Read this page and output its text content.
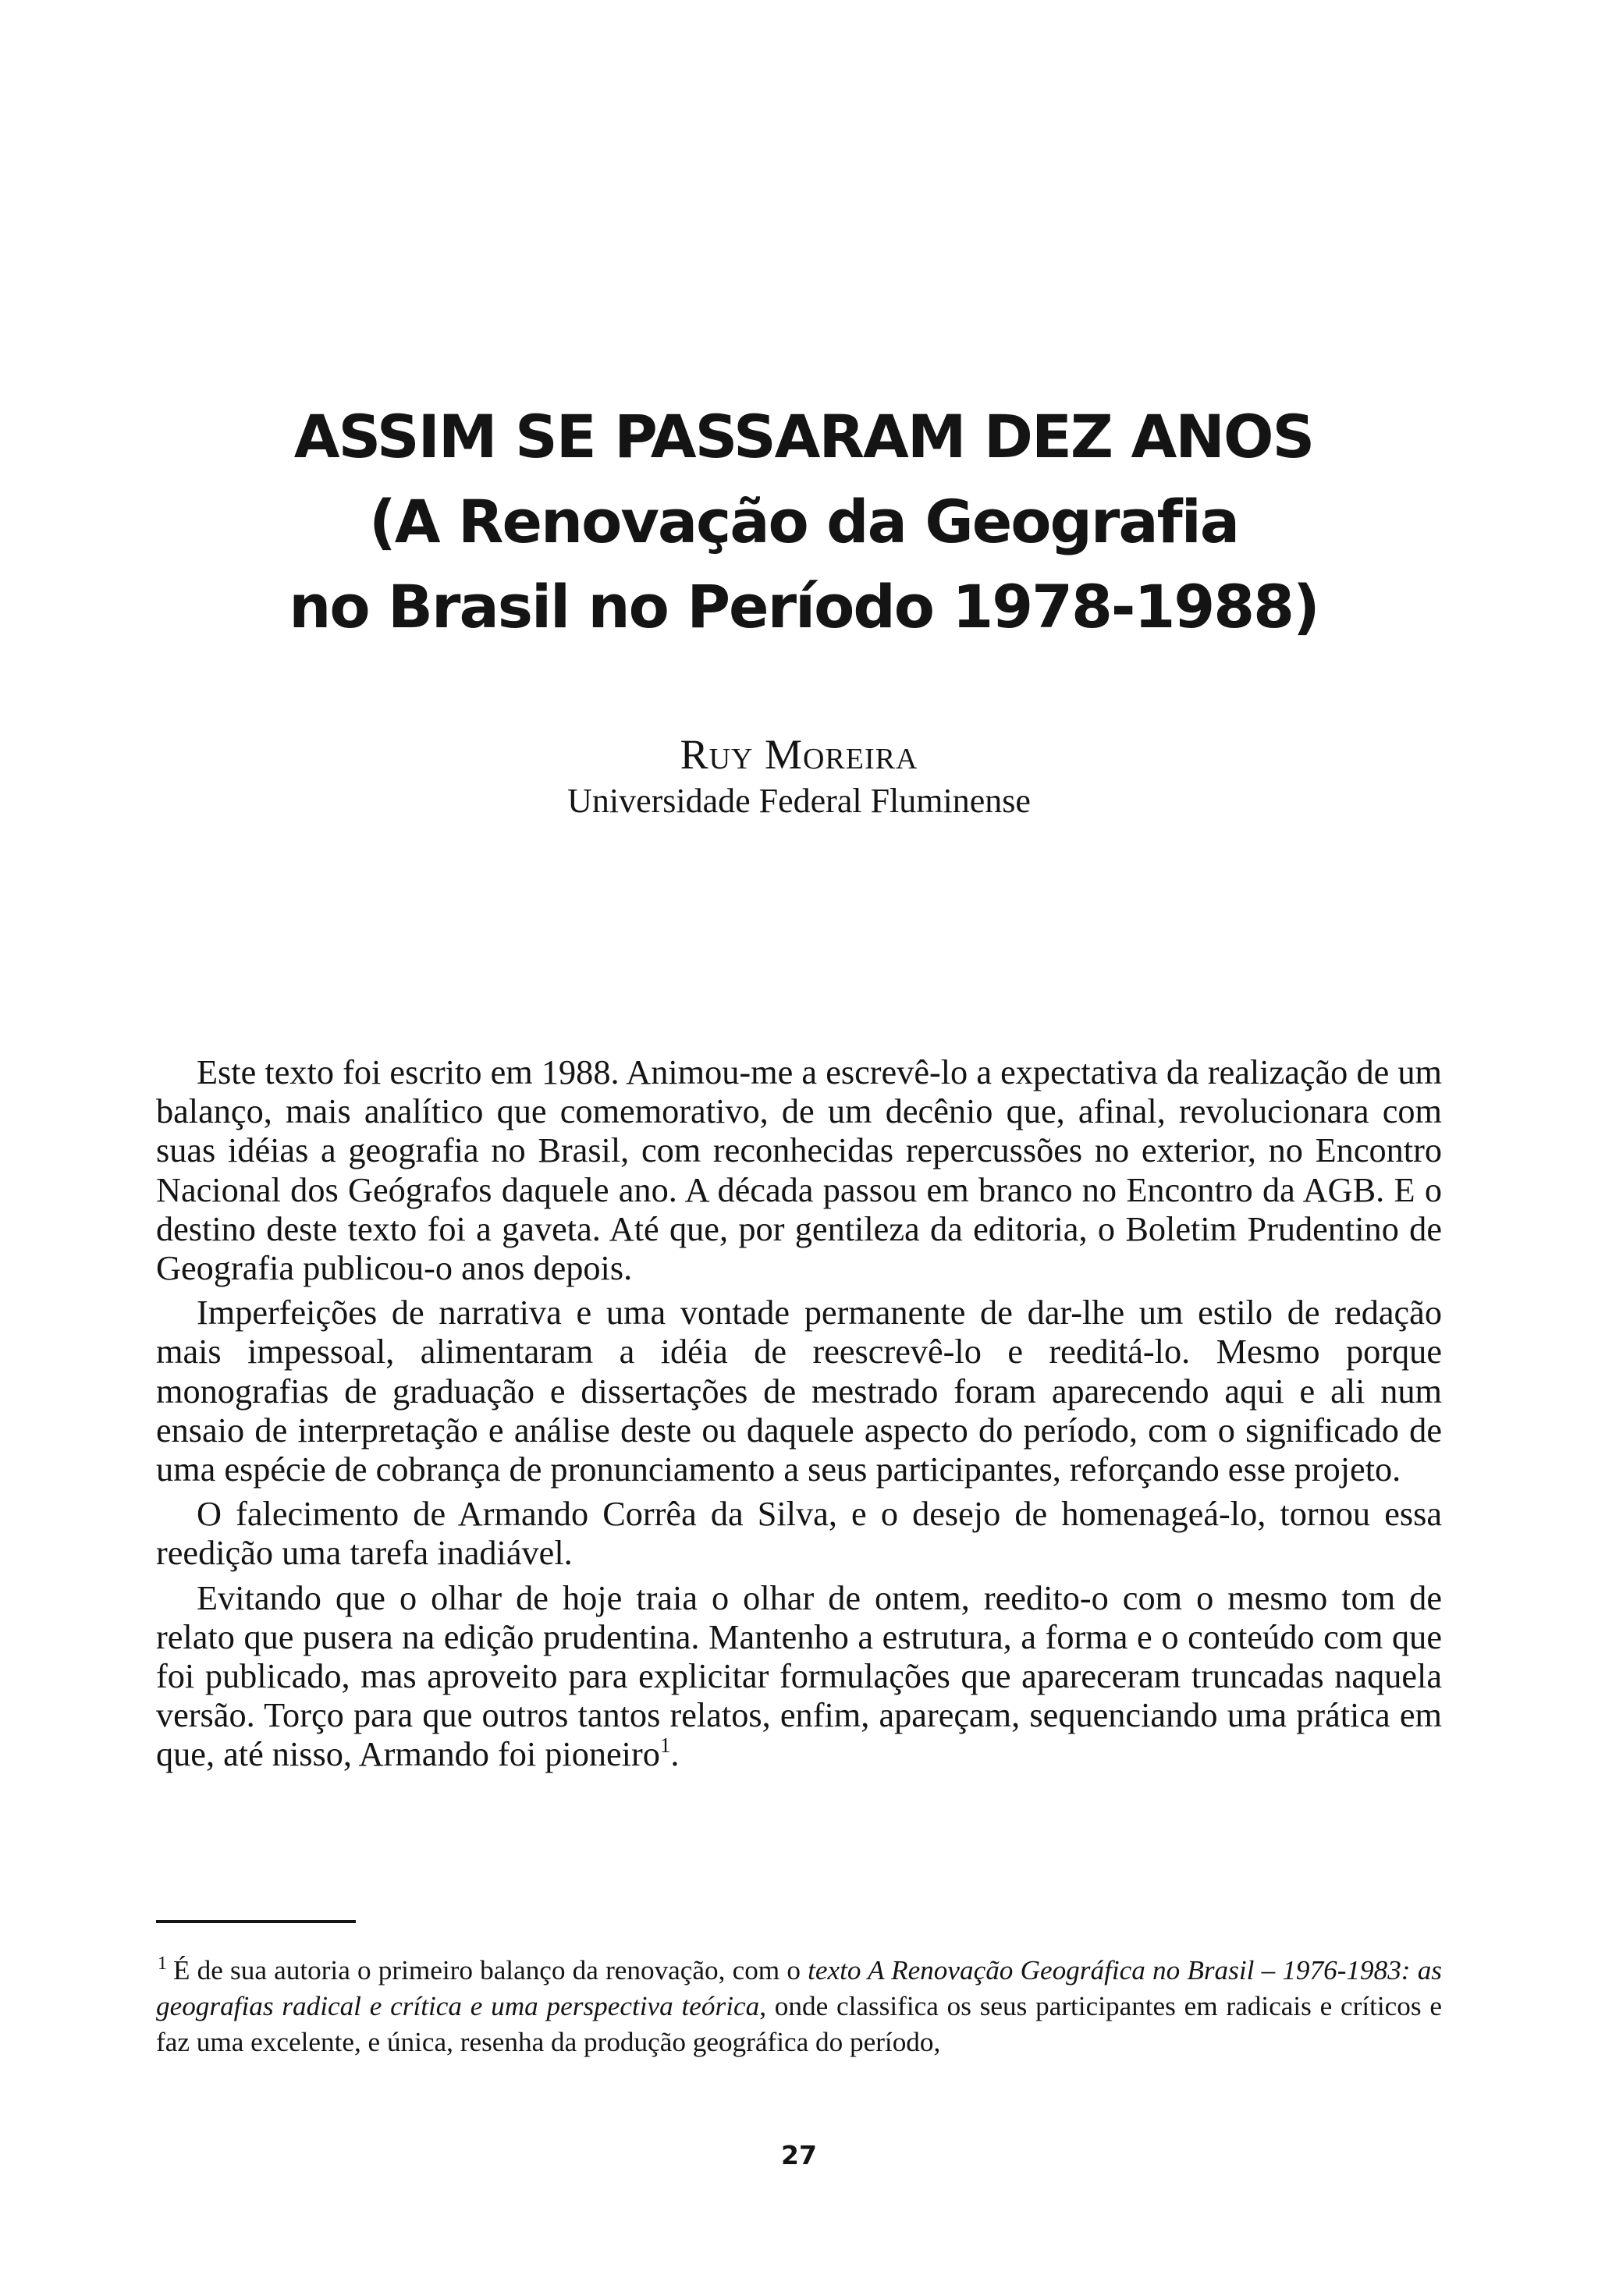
ASSIM SE PASSARAM DEZ ANOS
(A Renovação da Geografia
no Brasil no Período 1978-1988)
Ruy Moreira
Universidade Federal Fluminense

Este texto foi escrito em 1988. Animou-me a escrevê-lo a expectativa da realização de um balanço, mais analítico que comemorativo, de um decênio que, afinal, revolucionara com suas idéias a geografia no Brasil, com reconhecidas repercussões no exterior, no Encontro Nacional dos Geógrafos daquele ano. A década passou em branco no Encontro da AGB. E o destino deste texto foi a gaveta. Até que, por gentileza da editoria, o Boletim Prudentino de Geografia publicou-o anos depois.

Imperfeições de narrativa e uma vontade permanente de dar-lhe um estilo de redação mais impessoal, alimentaram a idéia de reescrevê-lo e reeditá-lo. Mesmo porque monografias de graduação e dissertações de mestrado foram aparecendo aqui e ali num ensaio de interpretação e análise deste ou daquele aspecto do período, com o significado de uma espécie de cobrança de pronunciamento a seus participantes, reforçando esse projeto.

O falecimento de Armando Corrêa da Silva, e o desejo de homenageá-lo, tornou essa reedição uma tarefa inadiável.

Evitando que o olhar de hoje traia o olhar de ontem, reedito-o com o mesmo tom de relato que pusera na edição prudentina. Mantenho a estrutura, a forma e o conteúdo com que foi publicado, mas aproveito para explicitar formulações que apareceram truncadas naquela versão. Torço para que outros tantos relatos, enfim, apareçam, sequenciando uma prática em que, até nisso, Armando foi pioneiro$^1$.

$^1$ É de sua autoria o primeiro balanço da renovação, com o texto A Renovação Geográfica no Brasil – 1976-1983: as geografias radical e crítica e uma perspectiva teórica, onde classifica os seus participantes em radicais e críticos e faz uma excelente, e única, resenha da produção geográfica do período,
27
